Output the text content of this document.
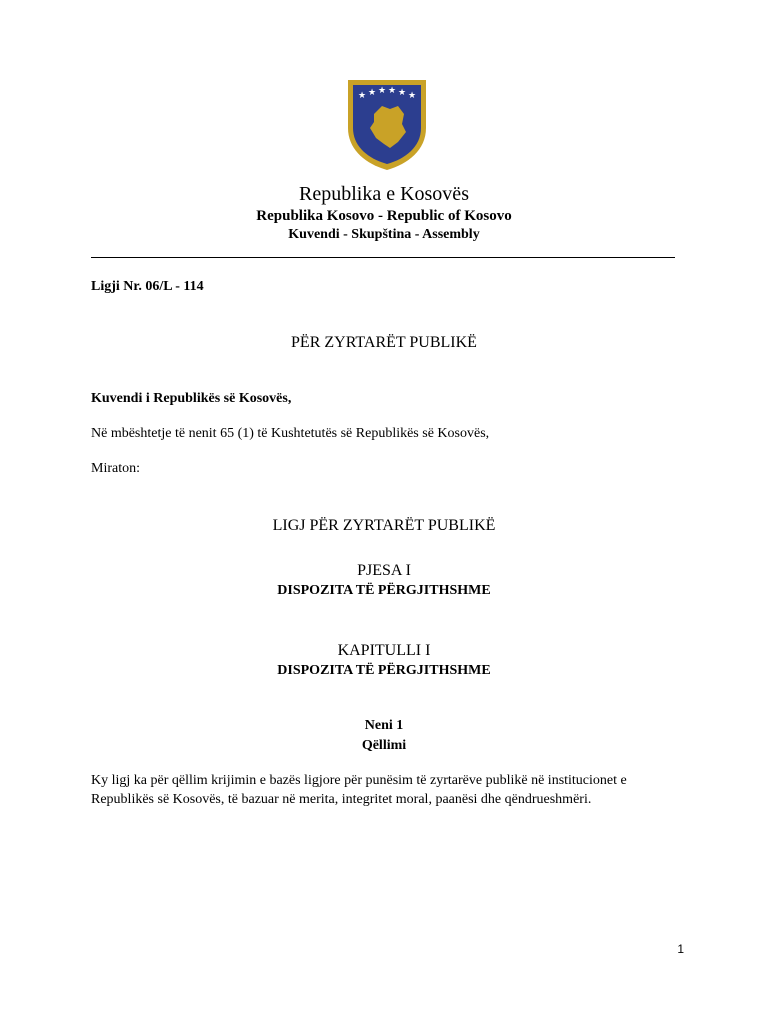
★ ★ ★ ★ ★ ★
Republika e Kosovës
Republika Kosovo - Republic of Kosovo
Kuvendi - Skupština - Assembly
Ligji Nr. 06/L - 114
PËR ZYRTARËT PUBLIKË
Kuvendi i Republikës së Kosovës,
Në mbështetje të nenit 65 (1) të Kushtetutës së Republikës së Kosovës,
Miraton:
LIGJ PËR ZYRTARËT PUBLIKË
PJESA I
DISPOZITA TË PËRGJITHSHME
KAPITULLI I
DISPOZITA TË PËRGJITHSHME
Neni 1
Qëllimi
Ky ligj ka për qëllim krijimin e bazës ligjore për punësim të zyrtarëve publikë në institucionet e
Republikës së Kosovës, të bazuar në merita, integritet moral, paanësi dhe qëndrueshmëri.
1
